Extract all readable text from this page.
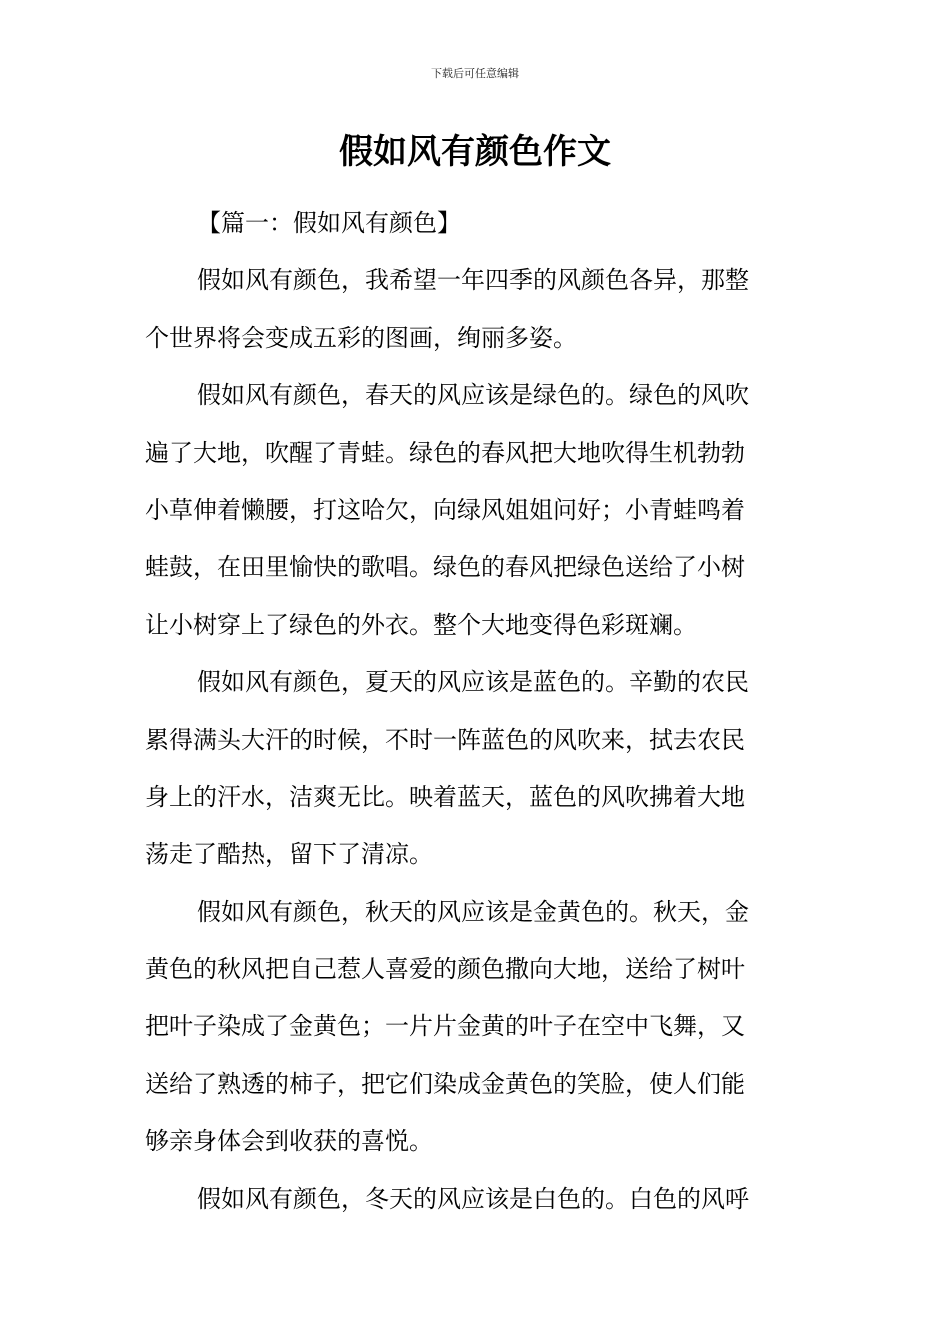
下载后可任意编辑
假如风有颜色作文
【篇一：假如风有颜色】
假如风有颜色，我希望一年四季的风颜色各异，那整
个世界将会变成五彩的图画，绚丽多姿。
假如风有颜色，春天的风应该是绿色的。绿色的风吹
遍了大地，吹醒了青蛙。绿色的春风把大地吹得生机勃勃
小草伸着懒腰，打这哈欠，向绿风姐姐问好；小青蛙鸣着
蛙鼓，在田里愉快的歌唱。绿色的春风把绿色送给了小树
让小树穿上了绿色的外衣。整个大地变得色彩斑斓。
假如风有颜色，夏天的风应该是蓝色的。辛勤的农民
累得满头大汗的时候，不时一阵蓝色的风吹来，拭去农民
身上的汗水，洁爽无比。映着蓝天，蓝色的风吹拂着大地
荡走了酷热，留下了清凉。
假如风有颜色，秋天的风应该是金黄色的。秋天，金
黄色的秋风把自己惹人喜爱的颜色撒向大地，送给了树叶
把叶子染成了金黄色；一片片金黄的叶子在空中飞舞，又
送给了熟透的柿子，把它们染成金黄色的笑脸，使人们能
够亲身体会到收获的喜悦。
假如风有颜色，冬天的风应该是白色的。白色的风呼
